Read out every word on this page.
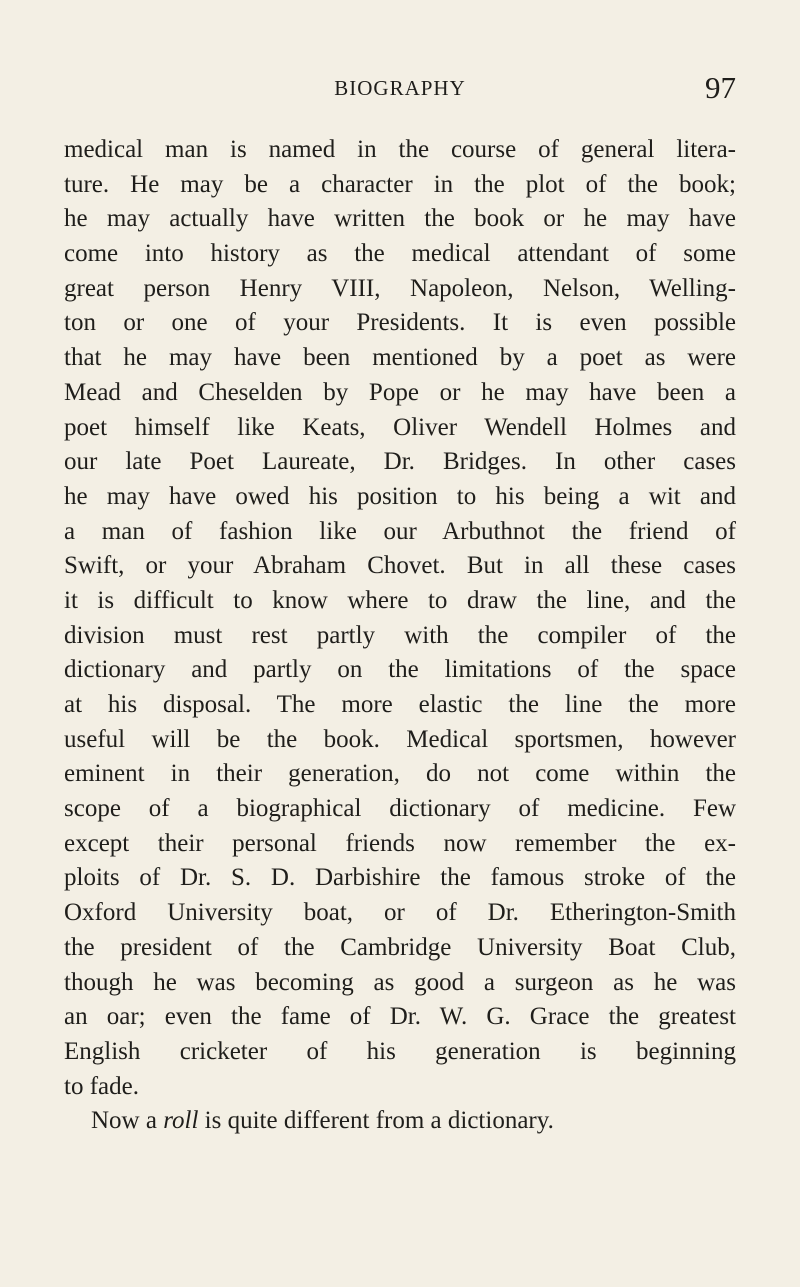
BIOGRAPHY	97
medical man is named in the course of general litera-
ture. He may be a character in the plot of the book;
he may actually have written the book or he may have
come into history as the medical attendant of some
great person Henry VIII, Napoleon, Nelson, Welling-
ton or one of your Presidents. It is even possible
that he may have been mentioned by a poet as were
Mead and Cheselden by Pope or he may have been a
poet himself like Keats, Oliver Wendell Holmes and
our late Poet Laureate, Dr. Bridges. In other cases
he may have owed his position to his being a wit and
a man of fashion like our Arbuthnot the friend of
Swift, or your Abraham Chovet. But in all these cases
it is difficult to know where to draw the line, and the
division must rest partly with the compiler of the
dictionary and partly on the limitations of the space
at his disposal. The more elastic the line the more
useful will be the book. Medical sportsmen, however
eminent in their generation, do not come within the
scope of a biographical dictionary of medicine. Few
except their personal friends now remember the ex-
ploits of Dr. S. D. Darbishire the famous stroke of the
Oxford University boat, or of Dr. Etherington-Smith
the president of the Cambridge University Boat Club,
though he was becoming as good a surgeon as he was
an oar; even the fame of Dr. W. G. Grace the greatest
English cricketer of his generation is beginning
to fade.
Now a roll is quite different from a dictionary.
